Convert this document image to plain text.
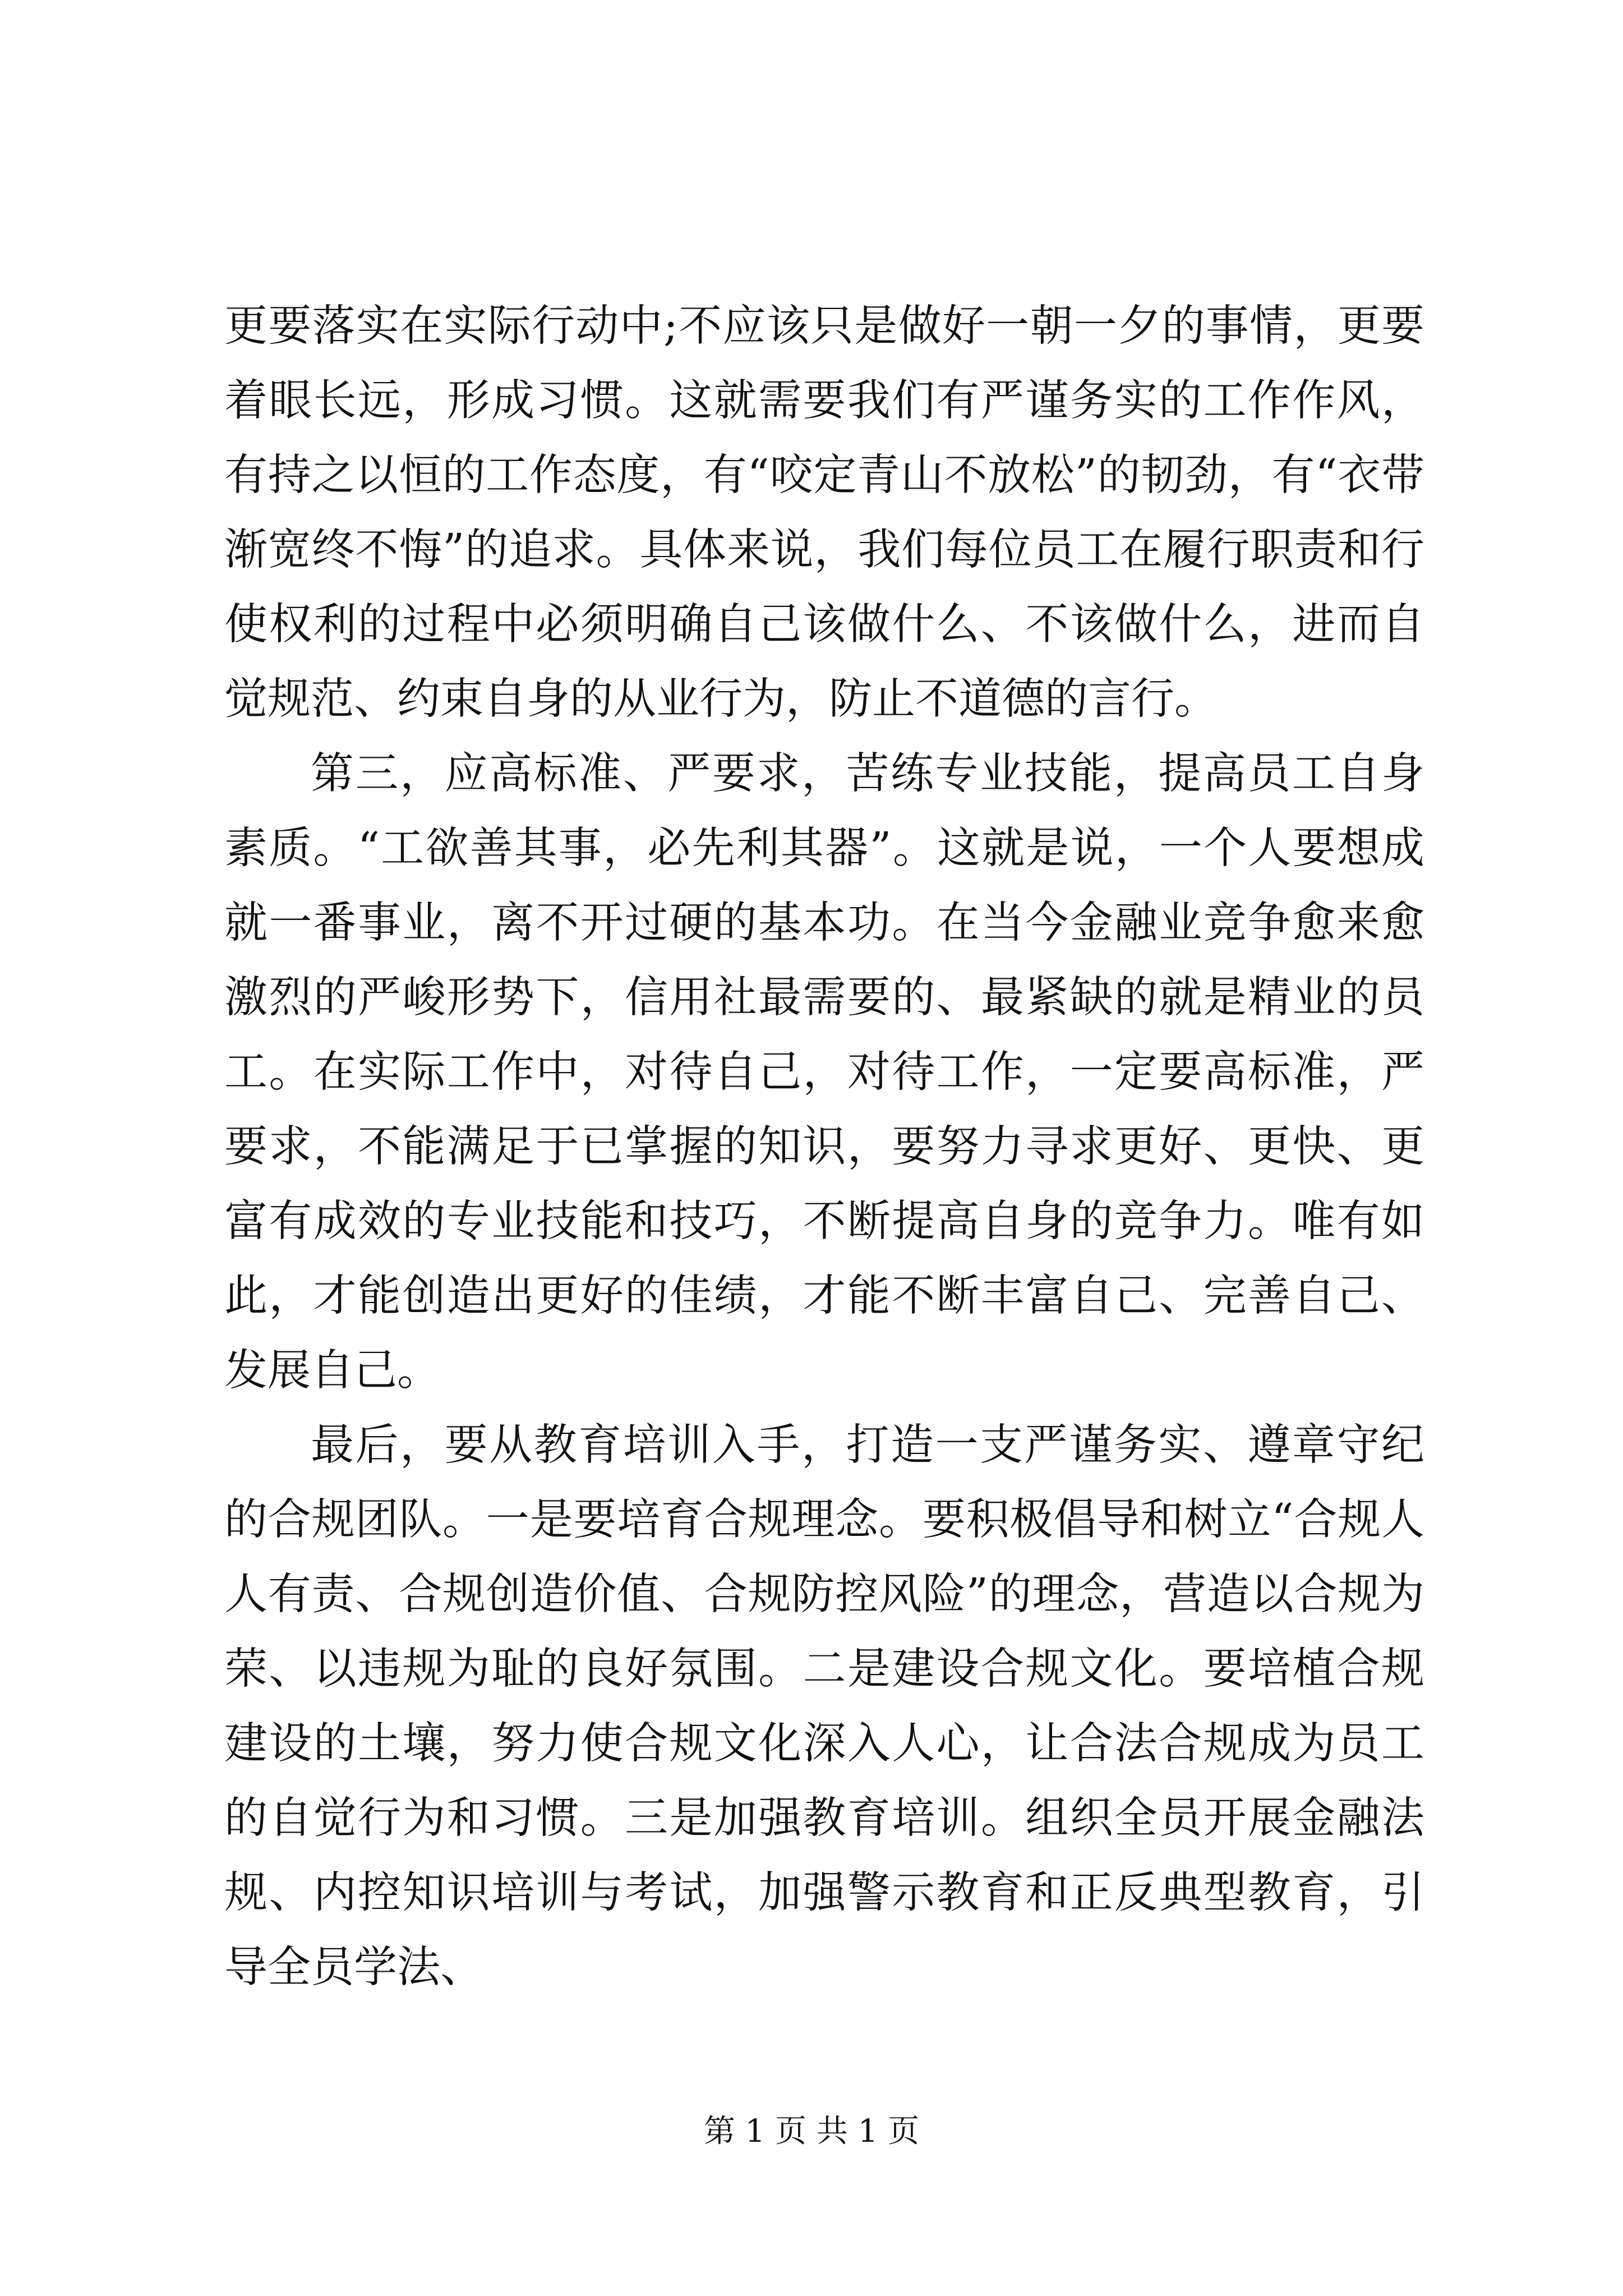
更要落实在实际行动中;不应该只是做好一朝一夕的事情，更要着眼长远，形成习惯。这就需要我们有严谨务实的工作作风，有持之以恒的工作态度，有“咬定青山不放松”的韧劲，有“衣带渐宽终不悔”的追求。具体来说，我们每位员工在履行职责和行使权利的过程中必须明确自己该做什么、不该做什么，进而自觉规范、约束自身的从业行为，防止不道德的言行。

第三，应高标准、严要求，苦练专业技能，提高员工自身素质。“工欲善其事，必先利其器”。这就是说，一个人要想成就一番事业，离不开过硬的基本功。在当今金融业竞争愈来愈激烈的严峻形势下，信用社最需要的、最紧缺的就是精业的员工。在实际工作中，对待自己，对待工作，一定要高标准，严要求，不能满足于已掌握的知识，要努力寻求更好、更快、更富有成效的专业技能和技巧，不断提高自身的竞争力。唯有如此，才能创造出更好的佳绩，才能不断丰富自己、完善自己、发展自己。

最后，要从教育培训入手，打造一支严谨务实、遵章守纪的合规团队。一是要培育合规理念。要积极倡导和树立“合规人人有责、合规创造价值、合规防控风险”的理念，营造以合规为荣、以违规为耻的良好氛围。二是建设合规文化。要培植合规建设的土壤，努力使合规文化深入人心，让合法合规成为员工的自觉行为和习惯。三是加强教育培训。组织全员开展金融法规、内控知识培训与考试，加强警示教育和正反典型教育，引导全员学法、

第 1 页 共 1 页
